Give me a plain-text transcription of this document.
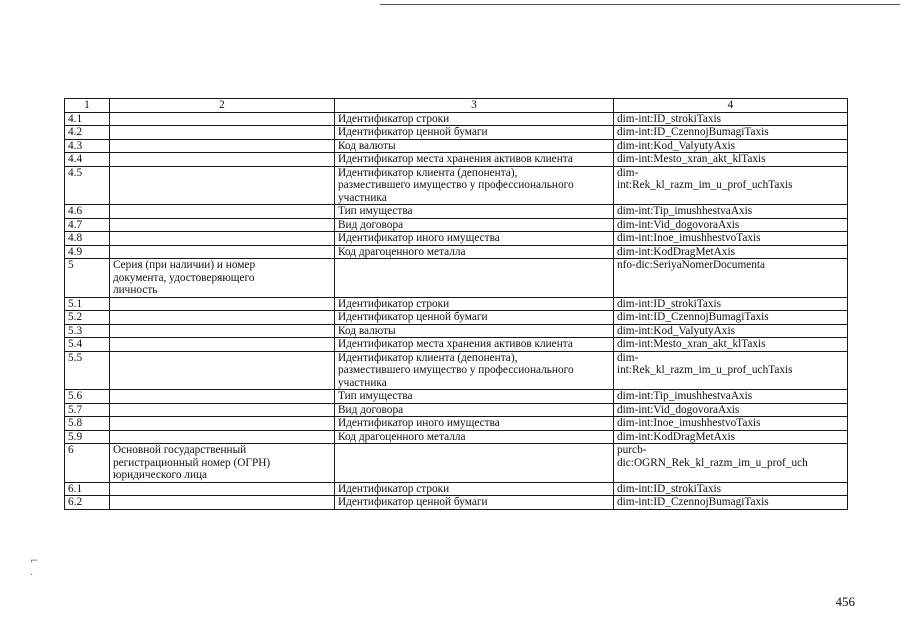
1	2	3	4
4.1		Идентификатор строки	dim-int:ID_strokiTaxis
4.2		Идентификатор ценной бумаги	dim-int:ID_CzennojBumagiTaxis
4.3		Код валюты	dim-int:Kod_ValyutyAxis
4.4		Идентификатор места хранения активов клиента	dim-int:Mesto_xran_akt_klTaxis
4.5		Идентификатор клиента (депонента),
разместившего имущество у профессионального
участника	dim-
int:Rek_kl_razm_im_u_prof_uchTaxis
4.6		Тип имущества	dim-int:Tip_imushhestvaAxis
4.7		Вид договора	dim-int:Vid_dogovoraAxis
4.8		Идентификатор иного имущества	dim-int:Inoe_imushhestvoTaxis
4.9		Код драгоценного металла	dim-int:KodDragMetAxis
5	Серия (при наличии) и номер
документа, удостоверяющего
личность		nfo-dic:SeriyaNomerDocumenta
5.1		Идентификатор строки	dim-int:ID_strokiTaxis
5.2		Идентификатор ценной бумаги	dim-int:ID_CzennojBumagiTaxis
5.3		Код валюты	dim-int:Kod_ValyutyAxis
5.4		Идентификатор места хранения активов клиента	dim-int:Mesto_xran_akt_klTaxis
5.5		Идентификатор клиента (депонента),
разместившего имущество у профессионального
участника	dim-
int:Rek_kl_razm_im_u_prof_uchTaxis
5.6		Тип имущества	dim-int:Tip_imushhestvaAxis
5.7		Вид договора	dim-int:Vid_dogovoraAxis
5.8		Идентификатор иного имущества	dim-int:Inoe_imushhestvoTaxis
5.9		Код драгоценного металла	dim-int:KodDragMetAxis
6	Основной государственный
регистрационный номер (ОГРН)
юридического лица		purcb-
dic:OGRN_Rek_kl_razm_im_u_prof_uch
6.1		Идентификатор строки	dim-int:ID_strokiTaxis
6.2		Идентификатор ценной бумаги	dim-int:ID_CzennojBumagiTaxis
456
⌐
·
